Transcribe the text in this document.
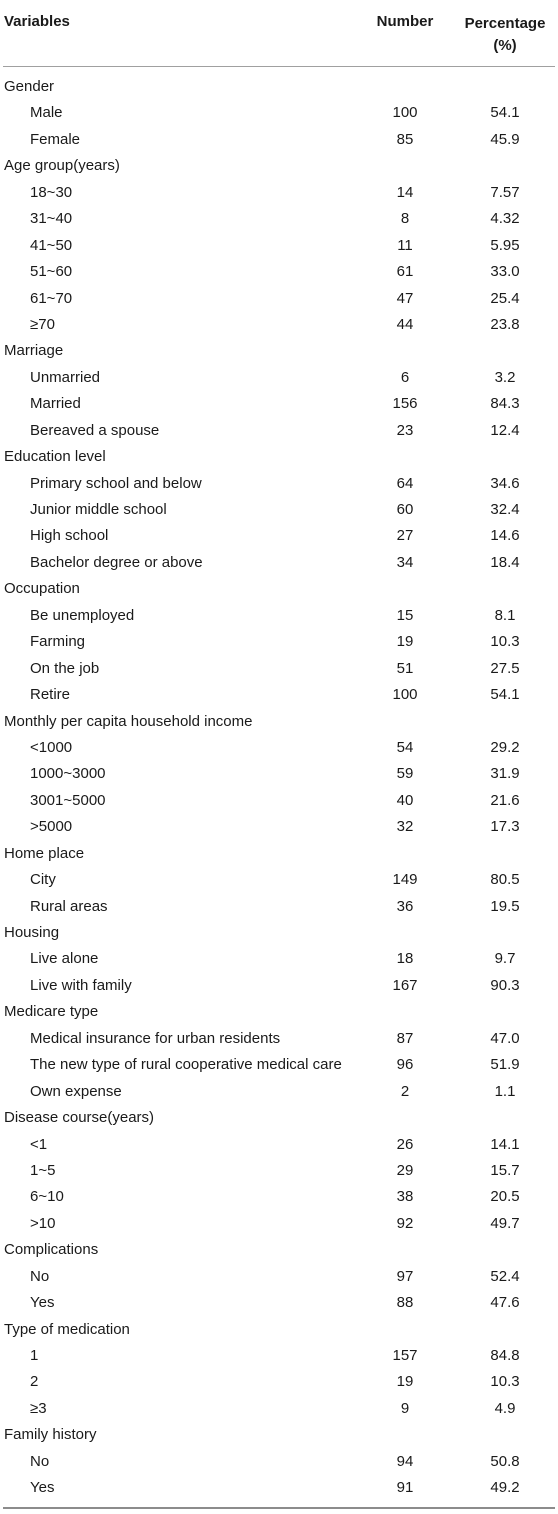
Variables	Number	Percentage
(%)
Gender
Male	100	54.1
Female	85	45.9
Age group(years)
18~30	14	7.57
31~40	8	4.32
41~50	11	5.95
51~60	61	33.0
61~70	47	25.4
≥70	44	23.8
Marriage
Unmarried	6	3.2
Married	156	84.3
Bereaved a spouse	23	12.4
Education level
Primary school and below	64	34.6
Junior middle school	60	32.4
High school	27	14.6
Bachelor degree or above	34	18.4
Occupation
Be unemployed	15	8.1
Farming	19	10.3
On the job	51	27.5
Retire	100	54.1
Monthly per capita household income
<1000	54	29.2
1000~3000	59	31.9
3001~5000	40	21.6
>5000	32	17.3
Home place
City	149	80.5
Rural areas	36	19.5
Housing
Live alone	18	9.7
Live with family	167	90.3
Medicare type
Medical insurance for urban residents	87	47.0
The new type of rural cooperative medical care	96	51.9
Own expense	2	1.1
Disease course(years)
<1	26	14.1
1~5	29	15.7
6~10	38	20.5
>10	92	49.7
Complications
No	97	52.4
Yes	88	47.6
Type of medication
1	157	84.8
2	19	10.3
≥3	9	4.9
Family history
No	94	50.8
Yes	91	49.2
